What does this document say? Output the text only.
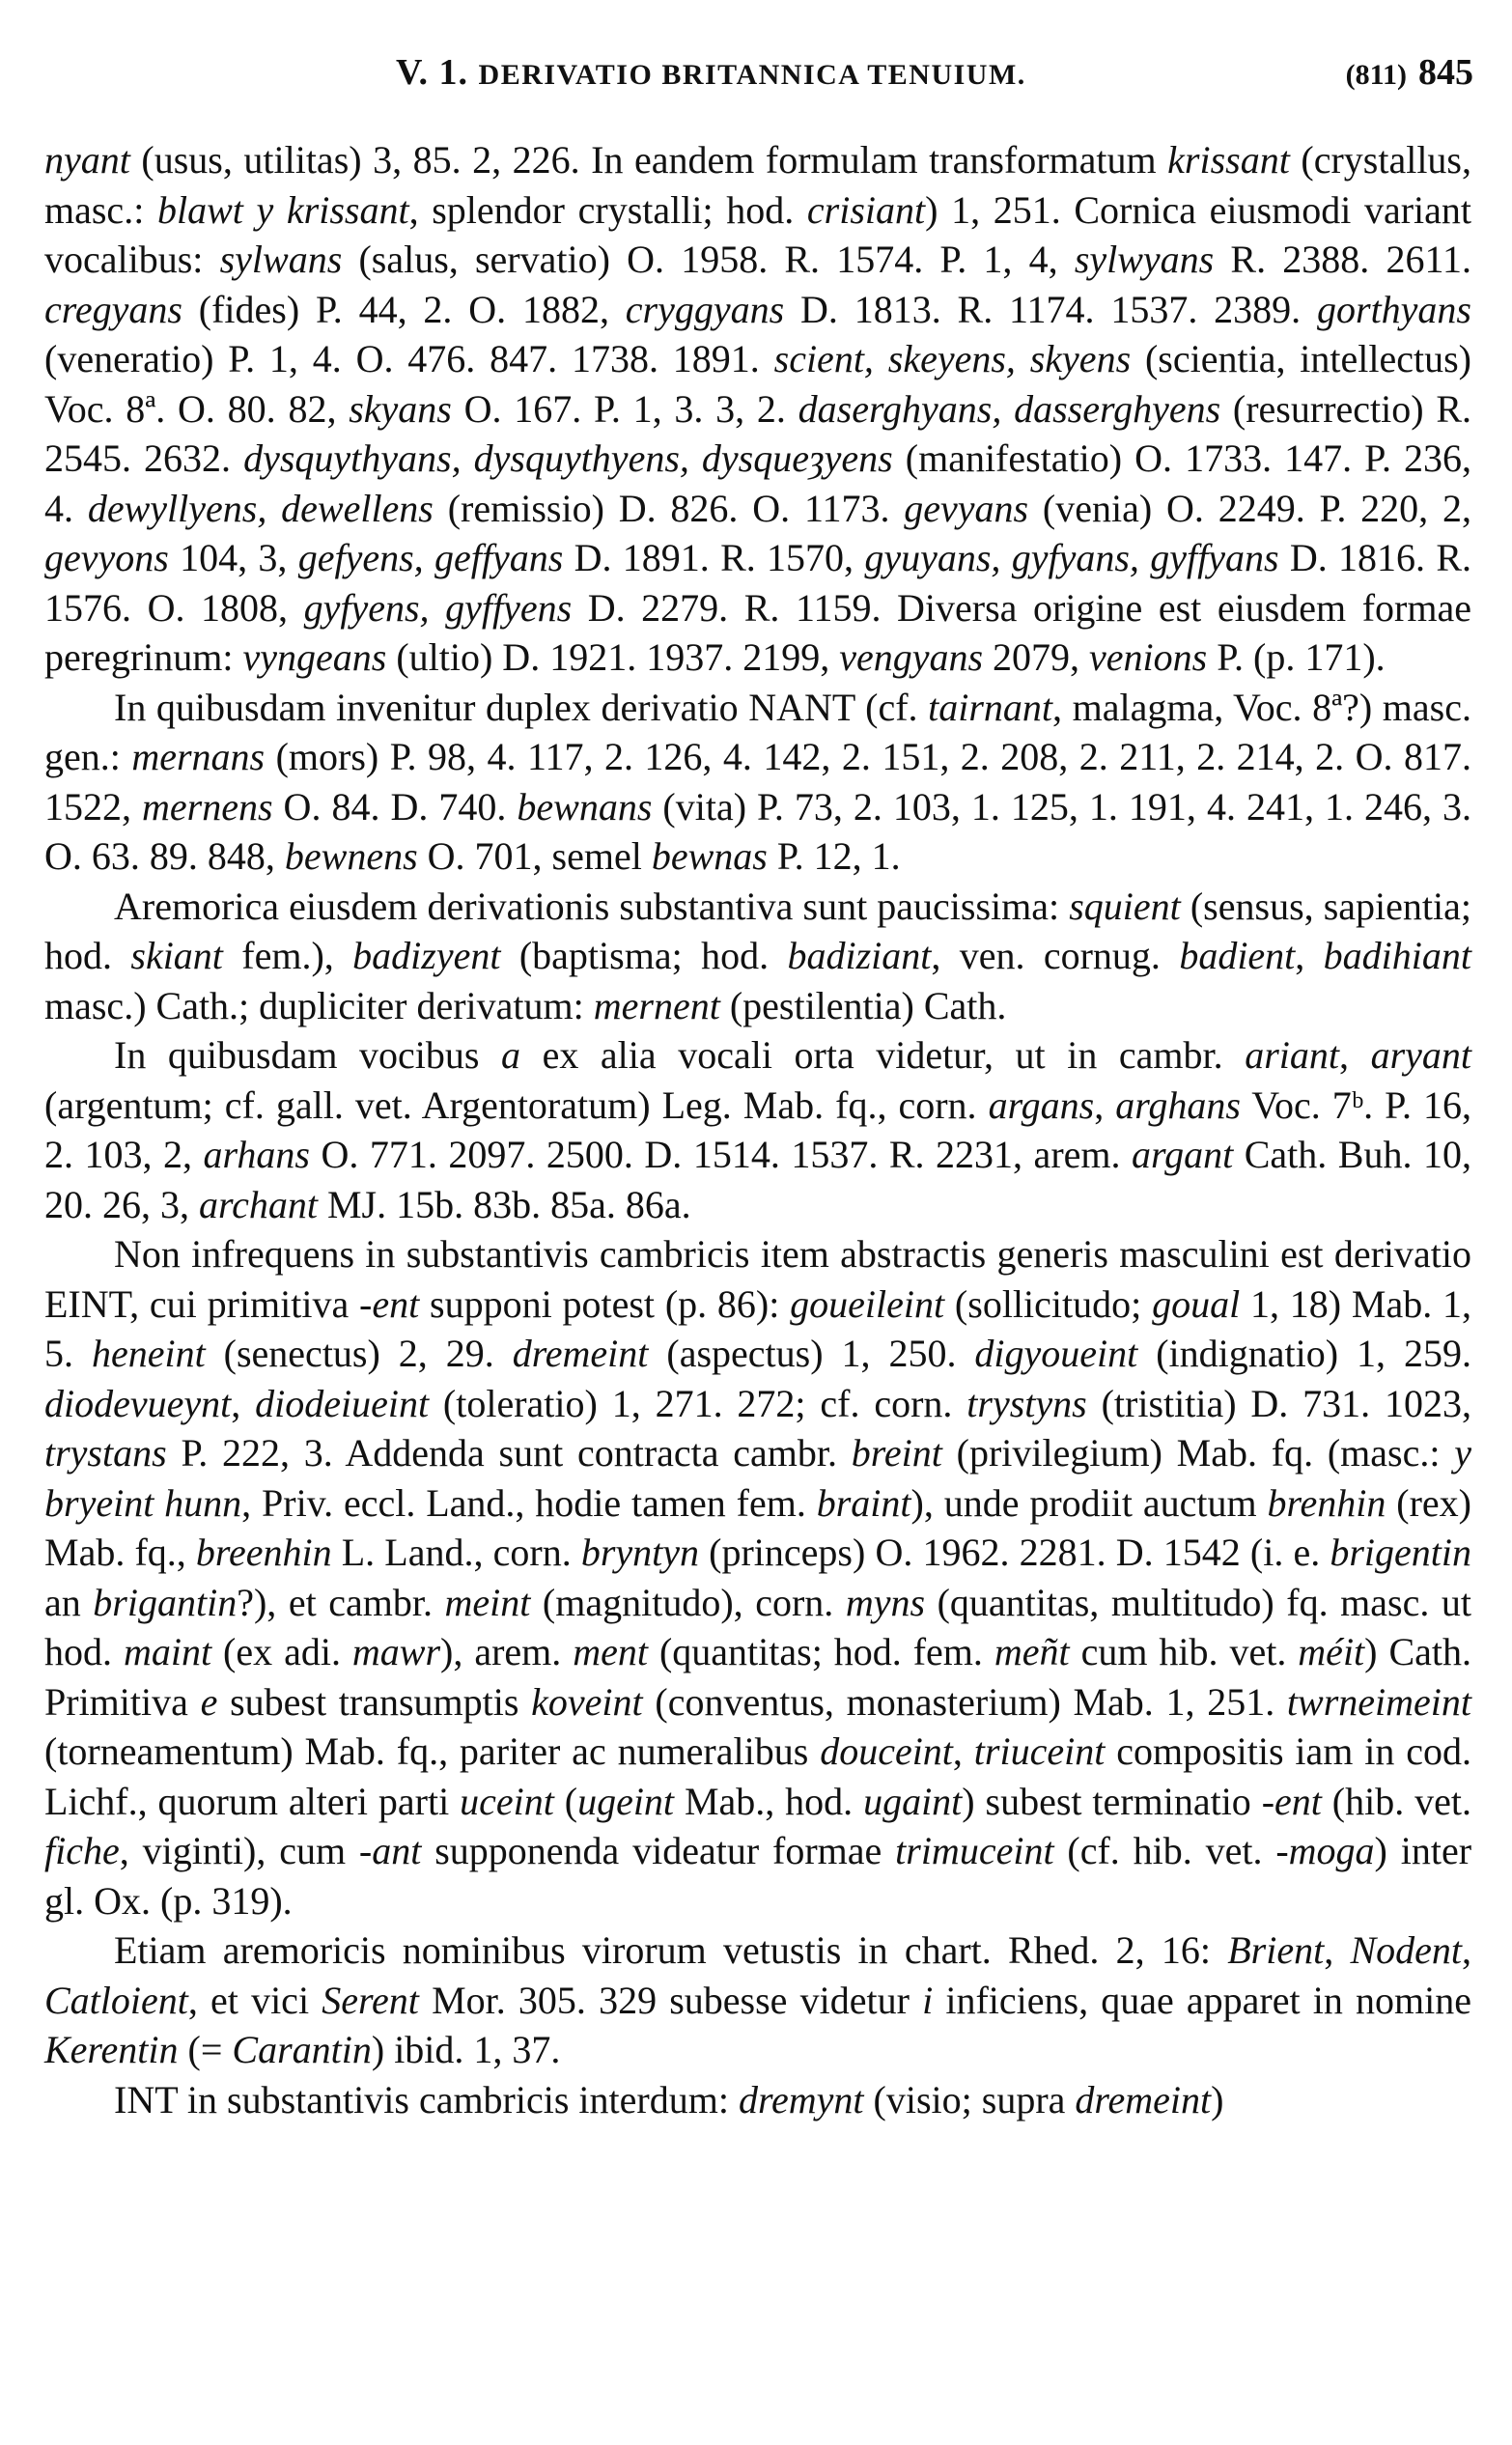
V. 1. DERIVATIO BRITANNICA TENUIUM.	(811) 845

nyant (usus, utilitas) 3, 85. 2, 226. In eandem formulam transformatum krissant (crystallus, masc.: blawt y krissant, splendor crystalli; hod. crisiant) 1, 251. Cornica eiusmodi variant vocalibus: sylwans (salus, servatio) O. 1958. R. 1574. P. 1, 4, sylwyans R. 2388. 2611. cregyans (fides) P. 44, 2. O. 1882, cryggyans D. 1813. R. 1174. 1537. 2389. gorthyans (veneratio) P. 1, 4. O. 476. 847. 1738. 1891. scient, skeyens, skyens (scientia, intellectus) Voc. 8ª. O. 80. 82, skyans O. 167. P. 1, 3. 3, 2. daserghyans, dasserghyens (resurrectio) R. 2545. 2632. dysquythyans, dysquythyens, dysqueȝyens (manifestatio) O. 1733. 147. P. 236, 4. dewyllyens, dewellens (remissio) D. 826. O. 1173. gevyans (venia) O. 2249. P. 220, 2, gevyons 104, 3, gefyens, geffyans D. 1891. R. 1570, gyuyans, gyfyans, gyffyans D. 1816. R. 1576. O. 1808, gyfyens, gyffyens D. 2279. R. 1159. Diversa origine est eiusdem formae peregrinum: vyngeans (ultio) D. 1921. 1937. 2199, vengyans 2079, venions P. (p. 171).

In quibusdam invenitur duplex derivatio NANT (cf. tairnant, malagma, Voc. 8ª?) masc. gen.: mernans (mors) P. 98, 4. 117, 2. 126, 4. 142, 2. 151, 2. 208, 2. 211, 2. 214, 2. O. 817. 1522, mernens O. 84. D. 740. bewnans (vita) P. 73, 2. 103, 1. 125, 1. 191, 4. 241, 1. 246, 3. O. 63. 89. 848, bewnens O. 701, semel bewnas P. 12, 1.

Aremorica eiusdem derivationis substantiva sunt paucissima: squient (sensus, sapientia; hod. skiant fem.), badizyent (baptisma; hod. badiziant, ven. cornug. badient, badihiant masc.) Cath.; dupliciter derivatum: mernent (pestilentia) Cath.

In quibusdam vocibus a ex alia vocali orta videtur, ut in cambr. ariant, aryant (argentum; cf. gall. vet. Argentoratum) Leg. Mab. fq., corn. argans, arghans Voc. 7ᵇ. P. 16, 2. 103, 2, arhans O. 771. 2097. 2500. D. 1514. 1537. R. 2231, arem. argant Cath. Buh. 10, 20. 26, 3, archant MJ. 15b. 83b. 85a. 86a.

Non infrequens in substantivis cambricis item abstractis generis masculini est derivatio EINT, cui primitiva -ent supponi potest (p. 86): goueileint (sollicitudo; goual 1, 18) Mab. 1, 5. heneint (senectus) 2, 29. dremeint (aspectus) 1, 250. digyoueint (indignatio) 1, 259. diodevueynt, diodeiueint (toleratio) 1, 271. 272; cf. corn. trystyns (tristitia) D. 731. 1023, trystans P. 222, 3. Addenda sunt contracta cambr. breint (privilegium) Mab. fq. (masc.: y bryeint hunn, Priv. eccl. Land., hodie tamen fem. braint), unde prodiit auctum brenhin (rex) Mab. fq., breenhin L. Land., corn. bryntyn (princeps) O. 1962. 2281. D. 1542 (i. e. brigentin an brigantin?), et cambr. meint (magnitudo), corn. myns (quantitas, multitudo) fq. masc. ut hod. maint (ex adi. mawr), arem. ment (quantitas; hod. fem. meñt cum hib. vet. méit) Cath. Primitiva e subest transumptis koveint (conventus, monasterium) Mab. 1, 251. twrneimeint (torneamentum) Mab. fq., pariter ac numeralibus douceint, triuceint compositis iam in cod. Lichf., quorum alteri parti uceint (ugeint Mab., hod. ugaint) subest terminatio -ent (hib. vet. fiche, viginti), cum -ant supponenda videatur formae trimuceint (cf. hib. vet. -moga) inter gl. Ox. (p. 319).

Etiam aremoricis nominibus virorum vetustis in chart. Rhed. 2, 16: Brient, Nodent, Catloient, et vici Serent Mor. 305. 329 subesse videtur i inficiens, quae apparet in nomine Kerentin (= Carantin) ibid. 1, 37.

INT in substantivis cambricis interdum: dremynt (visio; supra dremeint)
